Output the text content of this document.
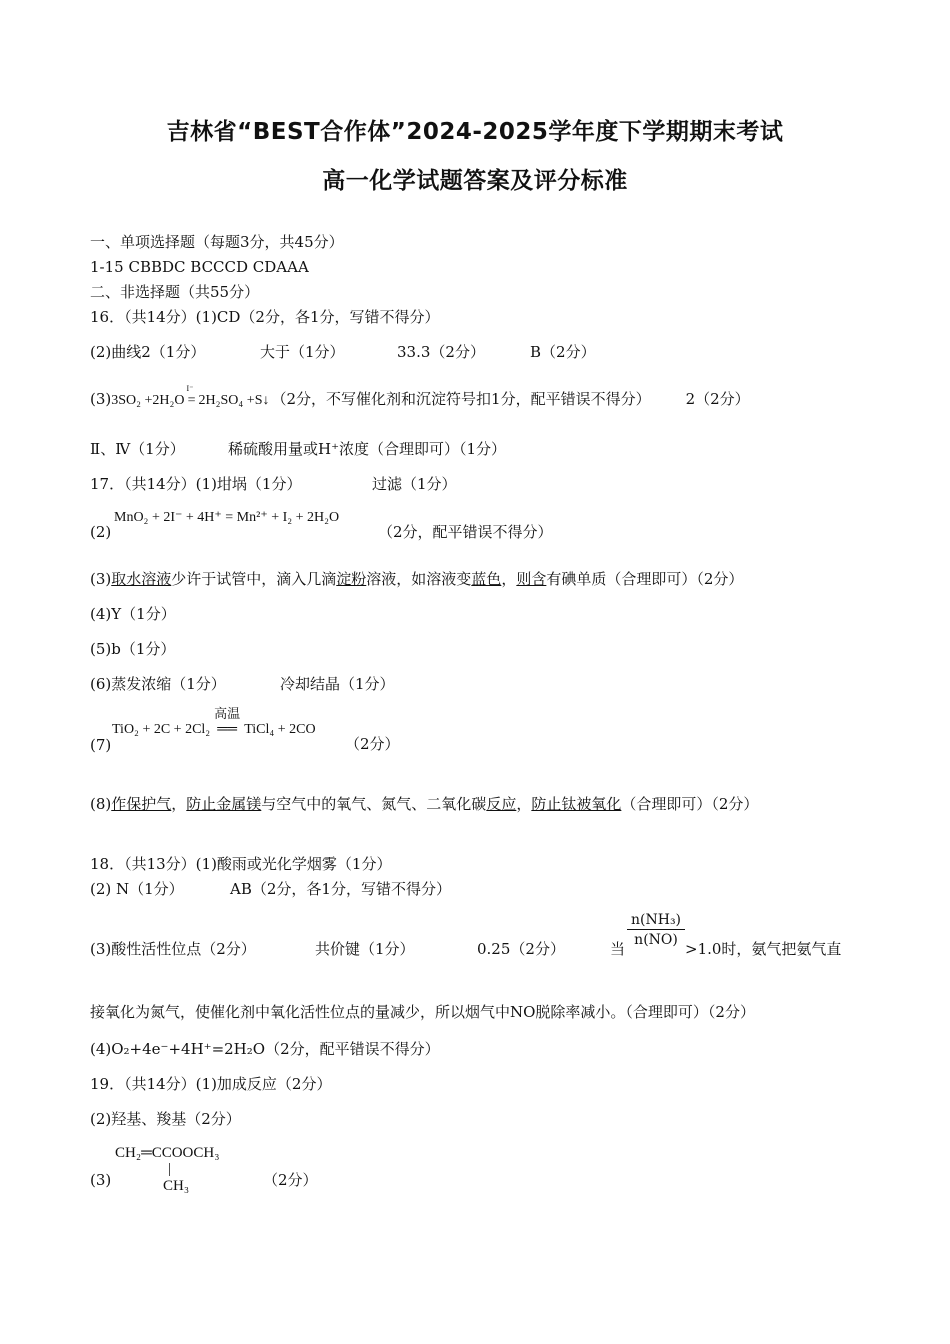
吉林省“BEST合作体”2024-2025学年度下学期期末考试
高一化学试题答案及评分标准
一、单项选择题（每题3分，共45分）
1-15 CBBDC BCCCD CDAAA
二、非选择题（共55分）
16．（共14分）(1)CD（2分，各1分，写错不得分）
(2)曲线2（1分）	大于（1分）	33.3（2分）	B（2分）
(3)3SO₂ +2H₂O =
I⁻
2H₂SO₄ +S↓ （2分，不写催化剂和沉淀符号扣1分，配平错误不得分） 2（2分）
Ⅱ、Ⅳ（1分）	稀硫酸用量或H⁺浓度（合理即可）（1分）
17．（共14分）(1)坩埚（1分）	过滤（1分）
(2)
MnO₂ + 2I⁻ + 4H⁺ = Mn²⁺ + I₂ + 2H₂O
（2分，配平错误不得分）
(3)取水溶液少许于试管中，滴入几滴淀粉溶液，如溶液变蓝色，则含有碘单质（合理即可）（2分）
(4)Y（1分）
(5)b（1分）
(6)蒸发浓缩（1分）	冷却结晶（1分）
(7)
TiO₂ + 2C + 2Cl₂
高温
══ TiCl₄ + 2CO
（2分）
(8)作保护气，防止金属镁与空气中的氧气、氮气、二氧化碳反应，防止钛被氧化（合理即可）（2分）
18．（共13分）(1)酸雨或光化学烟雾（1分）
(2) N（1分）	AB（2分，各1分，写错不得分）
(3)酸性活性位点（2分）	共价键（1分）	0.25（2分）	当
$\frac{\text{n(NH₃)}}{n(NO)}$
>1.0时，氨气把氨气直
接氧化为氮气，使催化剂中氧化活性位点的量减少，所以烟气中NO脱除率减小。（合理即可）（2分）
(4)O₂+4e⁻+4H⁺=2H₂O（2分，配平错误不得分）
19．（共14分）(1)加成反应（2分）
(2)羟基、羧基（2分）
CH₂═CCOOCH₃
|
CH₃
(3)	（2分）
